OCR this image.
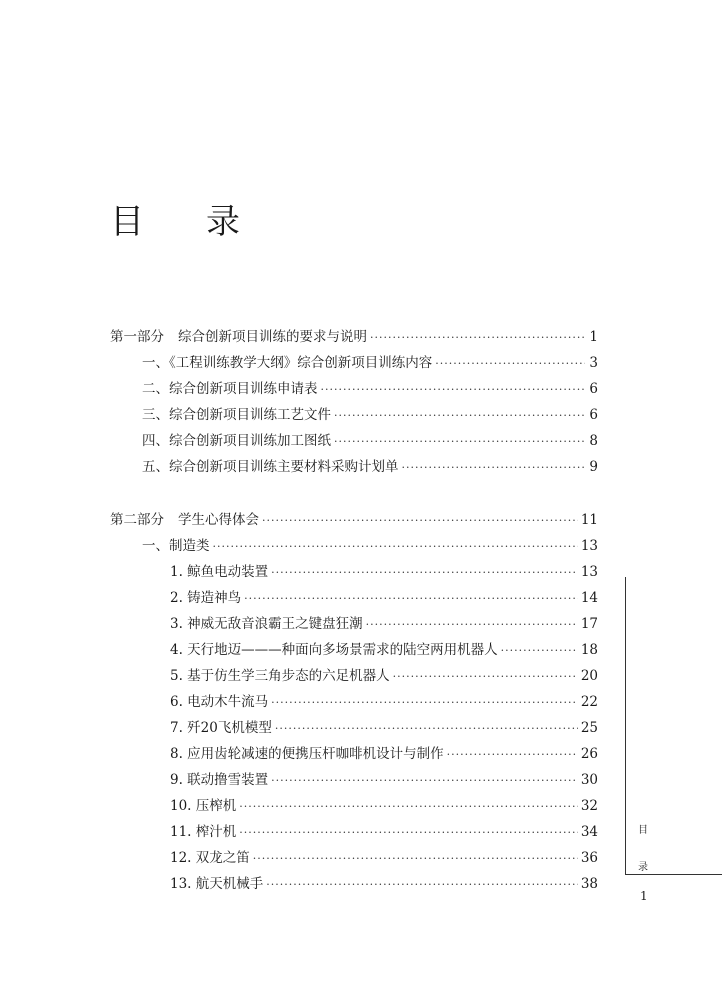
目 录
第一部分 综合创新项目训练的要求与说明 ·····	1
一、《工程训练教学大纲》综合创新项目训练内容 ·····	3
二、综合创新项目训练申请表 ·····	6
三、综合创新项目训练工艺文件 ·····	6
四、综合创新项目训练加工图纸 ·····	8
五、综合创新项目训练主要材料采购计划单 ·····	9
第二部分 学生心得体会 ·····	11
一、制造类 ·····	13
1. 鲸鱼电动装置 ·····	13
2. 铸造神鸟 ·····	14
3. 神威无敌音浪霸王之键盘狂潮 ·····	17
4. 天行地迈———种面向多场景需求的陆空两用机器人 ·····	18
5. 基于仿生学三角步态的六足机器人 ·····	20
6. 电动木牛流马 ·····	22
7. 歼20飞机模型 ·····	25
8. 应用齿轮减速的便携压杆咖啡机设计与制作 ·····	26
9. 联动撸雪装置 ·····	30
10. 压榨机 ·····	32
11. 榨汁机 ·····	34
12. 双龙之笛 ·····	36
13. 航天机械手 ·····	38
目
录
1
